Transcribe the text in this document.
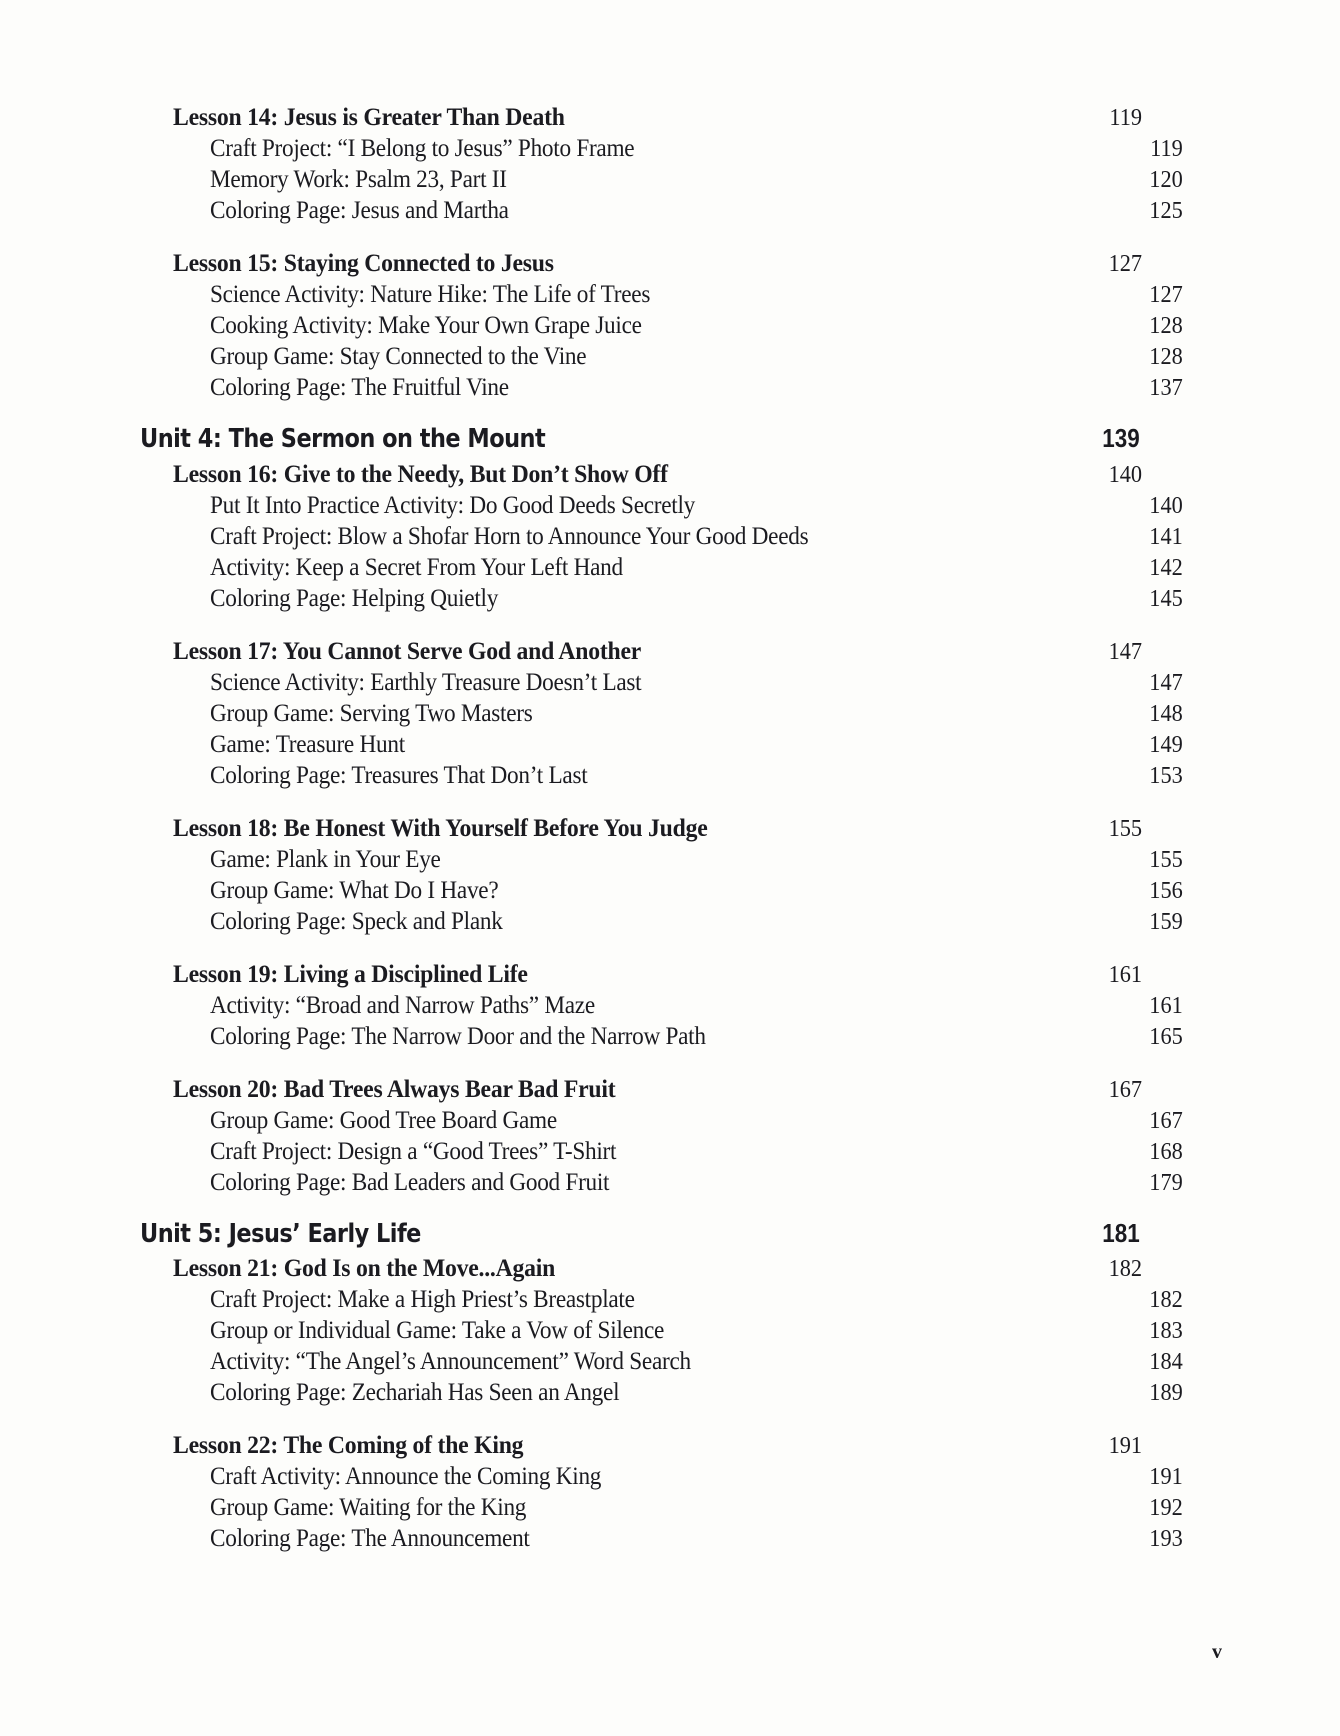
Lesson 14: Jesus is Greater Than Death	119
Craft Project: “I Belong to Jesus” Photo Frame	119
Memory Work: Psalm 23, Part II	120
Coloring Page: Jesus and Martha	125
Lesson 15: Staying Connected to Jesus	127
Science Activity: Nature Hike: The Life of Trees	127
Cooking Activity: Make Your Own Grape Juice	128
Group Game: Stay Connected to the Vine	128
Coloring Page: The Fruitful Vine	137
Unit 4: The Sermon on the Mount	139
Lesson 16: Give to the Needy, But Don’t Show Off	140
Put It Into Practice Activity: Do Good Deeds Secretly	140
Craft Project: Blow a Shofar Horn to Announce Your Good Deeds	141
Activity: Keep a Secret From Your Left Hand	142
Coloring Page: Helping Quietly	145
Lesson 17: You Cannot Serve God and Another	147
Science Activity: Earthly Treasure Doesn’t Last	147
Group Game: Serving Two Masters	148
Game: Treasure Hunt	149
Coloring Page: Treasures That Don’t Last	153
Lesson 18: Be Honest With Yourself Before You Judge	155
Game: Plank in Your Eye	155
Group Game: What Do I Have?	156
Coloring Page: Speck and Plank	159
Lesson 19: Living a Disciplined Life	161
Activity: “Broad and Narrow Paths” Maze	161
Coloring Page: The Narrow Door and the Narrow Path	165
Lesson 20: Bad Trees Always Bear Bad Fruit	167
Group Game: Good Tree Board Game	167
Craft Project: Design a “Good Trees” T-Shirt	168
Coloring Page: Bad Leaders and Good Fruit	179
Unit 5: Jesus’ Early Life	181
Lesson 21: God Is on the Move...Again	182
Craft Project: Make a High Priest’s Breastplate	182
Group or Individual Game: Take a Vow of Silence	183
Activity: “The Angel’s Announcement” Word Search	184
Coloring Page: Zechariah Has Seen an Angel	189
Lesson 22: The Coming of the King	191
Craft Activity: Announce the Coming King	191
Group Game: Waiting for the King	192
Coloring Page: The Announcement	193
v
